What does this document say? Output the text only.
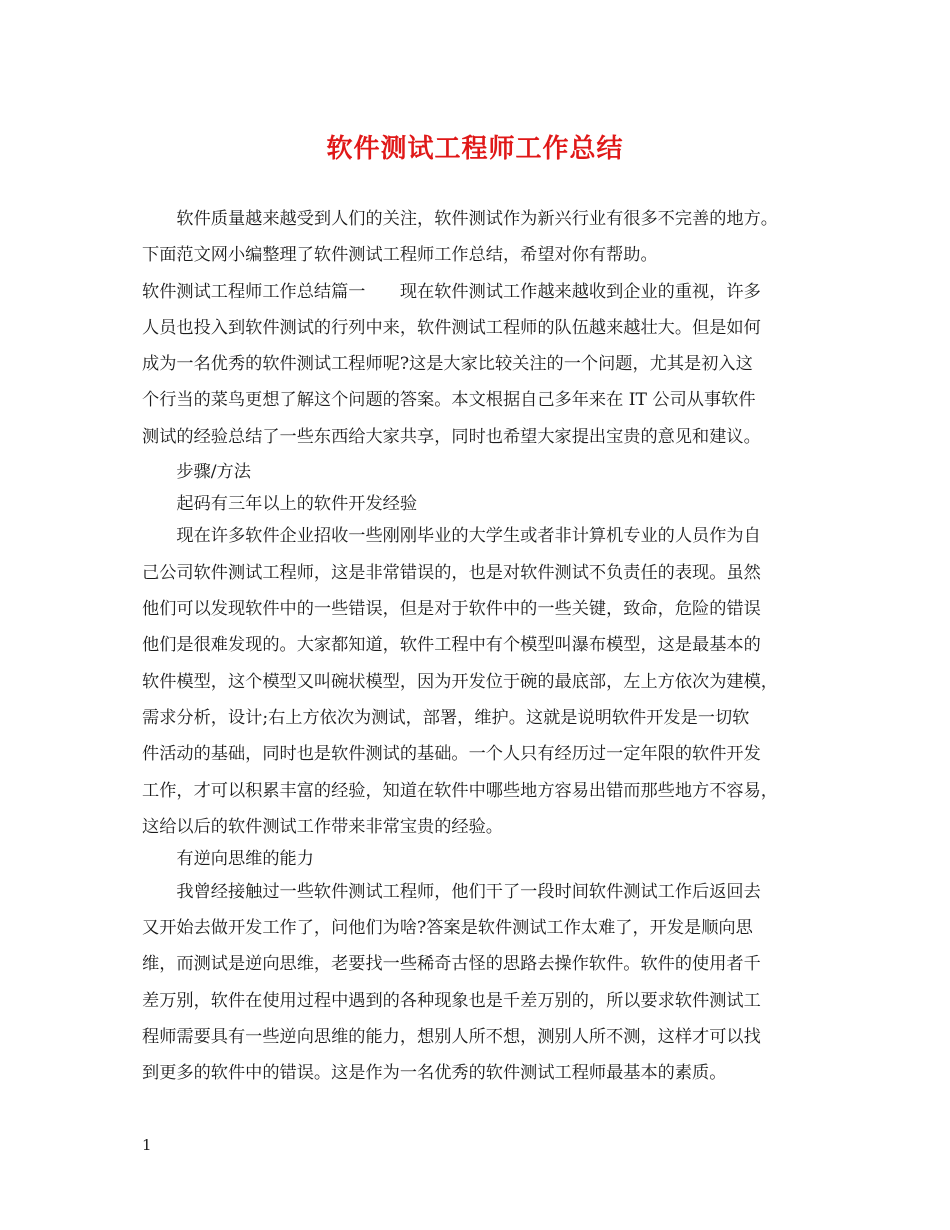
软件测试工程师工作总结
　　软件质量越来越受到人们的关注，软件测试作为新兴行业有很多不完善的地方。
下面范文网小编整理了软件测试工程师工作总结，希望对你有帮助。
软件测试工程师工作总结篇一　　现在软件测试工作越来越收到企业的重视，许多
人员也投入到软件测试的行列中来，软件测试工程师的队伍越来越壮大。但是如何
成为一名优秀的软件测试工程师呢?这是大家比较关注的一个问题，尤其是初入这
个行当的菜鸟更想了解这个问题的答案。本文根据自己多年来在 IT 公司从事软件
测试的经验总结了一些东西给大家共享，同时也希望大家提出宝贵的意见和建议。
　　步骤/方法
　　起码有三年以上的软件开发经验
　　现在许多软件企业招收一些刚刚毕业的大学生或者非计算机专业的人员作为自
己公司软件测试工程师，这是非常错误的，也是对软件测试不负责任的表现。虽然
他们可以发现软件中的一些错误，但是对于软件中的一些关键，致命，危险的错误
他们是很难发现的。大家都知道，软件工程中有个模型叫瀑布模型，这是最基本的
软件模型，这个模型又叫碗状模型，因为开发位于碗的最底部，左上方依次为建模，
需求分析，设计;右上方依次为测试，部署，维护。这就是说明软件开发是一切软
件活动的基础，同时也是软件测试的基础。一个人只有经历过一定年限的软件开发
工作，才可以积累丰富的经验，知道在软件中哪些地方容易出错而那些地方不容易，
这给以后的软件测试工作带来非常宝贵的经验。
　　有逆向思维的能力
　　我曾经接触过一些软件测试工程师，他们干了一段时间软件测试工作后返回去
又开始去做开发工作了，问他们为啥?答案是软件测试工作太难了，开发是顺向思
维，而测试是逆向思维，老要找一些稀奇古怪的思路去操作软件。软件的使用者千
差万别，软件在使用过程中遇到的各种现象也是千差万别的，所以要求软件测试工
程师需要具有一些逆向思维的能力，想别人所不想，测别人所不测，这样才可以找
到更多的软件中的错误。这是作为一名优秀的软件测试工程师最基本的素质。
1
